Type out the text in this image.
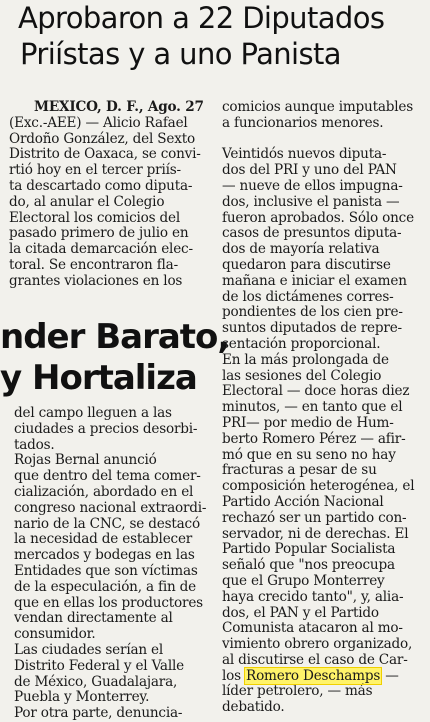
Aprobaron a 22 Diputados
Priístas y a uno Panista
MEXICO, D. F., Ago. 27
(Exc.-AEE) — Alicio Rafael
Ordoño González, del Sexto
Distrito de Oaxaca, se convi-
rtió hoy en el tercer priís-
ta descartado como diputa-
do, al anular el Colegio
Electoral los comicios del
pasado primero de julio en
la citada demarcación elec-
toral. Se encontraron fla-
grantes violaciones en los
nder Barato,
y Hortaliza
del campo lleguen a las
ciudades a precios desorbi-
tados.
Rojas Bernal anunció
que dentro del tema comer-
cialización, abordado en el
congreso nacional extraordi-
nario de la CNC, se destacó
la necesidad de establecer
mercados y bodegas en las
Entidades que son víctimas
de la especulación, a fin de
que en ellas los productores
vendan directamente al
consumidor.
Las ciudades serían el
Distrito Federal y el Valle
de México, Guadalajara,
Puebla y Monterrey.
Por otra parte, denuncia-
comicios aunque imputables
a funcionarios menores.

Veintidós nuevos diputa-
dos del PRI y uno del PAN
— nueve de ellos impugna-
dos, inclusive el panista —
fueron aprobados. Sólo once
casos de presuntos diputa-
dos de mayoría relativa
quedaron para discutirse
mañana e iniciar el examen
de los dictámenes corres-
pondientes de los cien pre-
suntos diputados de repre-
sentación proporcional.
En la más prolongada de
las sesiones del Colegio
Electoral — doce horas diez
minutos, — en tanto que el
PRI— por medio de Hum-
berto Romero Pérez — afir-
mó que en su seno no hay
fracturas a pesar de su
composición heterogénea, el
Partido Acción Nacional
rechazó ser un partido con-
servador, ni de derechas. El
Partido Popular Socialista
señaló que "nos preocupa
que el Grupo Monterrey
haya crecido tanto", y, alia-
dos, el PAN y el Partido
Comunista atacaron al mo-
vimiento obrero organizado,
al discutirse el caso de Car-
los Romero Deschamps —
líder petrolero, — más
debatido.
